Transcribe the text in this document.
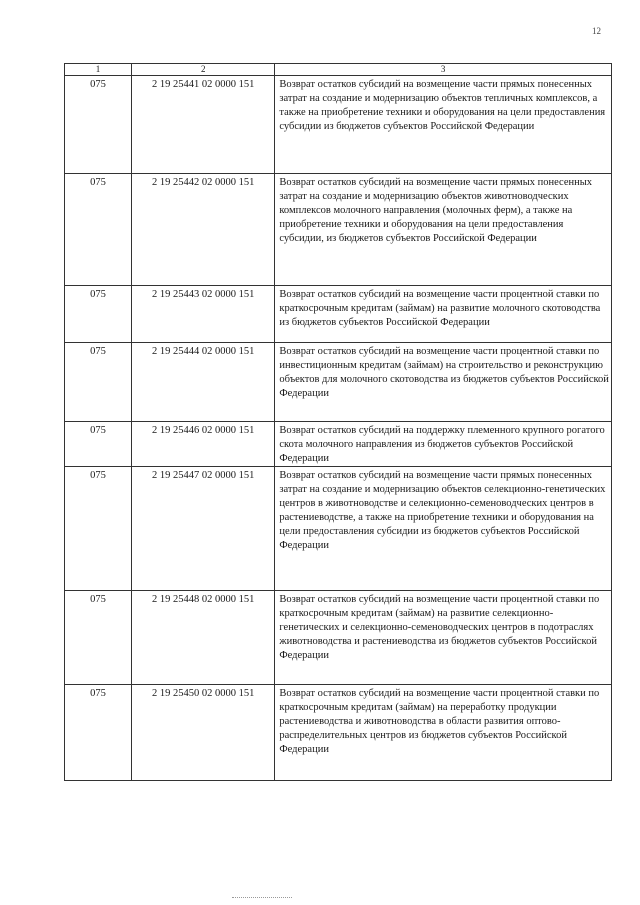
12
1	2	3
075	2 19 25441 02 0000 151	Возврат остатков субсидий на возмещение части прямых понесенных затрат на создание и модернизацию объектов тепличных комплексов, а также на приобретение техники и оборудования на цели предоставления субсидии из бюджетов субъектов Российской Федерации
075	2 19 25442 02 0000 151	Возврат остатков субсидий на возмещение части прямых понесенных затрат на создание и модернизацию объектов животноводческих комплексов молочного направления (молочных ферм), а также на приобретение техники и оборудования на цели предоставления субсидии, из бюджетов субъектов Российской Федерации
075	2 19 25443 02 0000 151	Возврат остатков субсидий на возмещение части процентной ставки по краткосрочным кредитам (займам) на развитие молочного скотоводства из бюджетов субъектов Российской Федерации
075	2 19 25444 02 0000 151	Возврат остатков субсидий на возмещение части процентной ставки по инвестиционным кредитам (займам) на строительство и реконструкцию объектов для молочного скотоводства из бюджетов субъектов Российской Федерации
075	2 19 25446 02 0000 151	Возврат остатков субсидий на поддержку племенного крупного рогатого скота молочного направления из бюджетов субъектов Российской Федерации
075	2 19 25447 02 0000 151	Возврат остатков субсидий на возмещение части прямых понесенных затрат на создание и модернизацию объектов селекционно-генетических центров в животноводстве и селекционно-семеноводческих центров в растениеводстве, а также на приобретение техники и оборудования на цели предоставления субсидии из бюджетов субъектов Российской Федерации
075	2 19 25448 02 0000 151	Возврат остатков субсидий на возмещение части процентной ставки по краткосрочным кредитам (займам) на развитие селекционно-генетических и селекционно-семеноводческих центров в подотраслях животноводства и растениеводства из бюджетов субъектов Российской Федерации
075	2 19 25450 02 0000 151	Возврат остатков субсидий на возмещение части процентной ставки по краткосрочным кредитам (займам) на переработку продукции растениеводства и животноводства в области развития оптово-распределительных центров из бюджетов субъектов Российской Федерации
